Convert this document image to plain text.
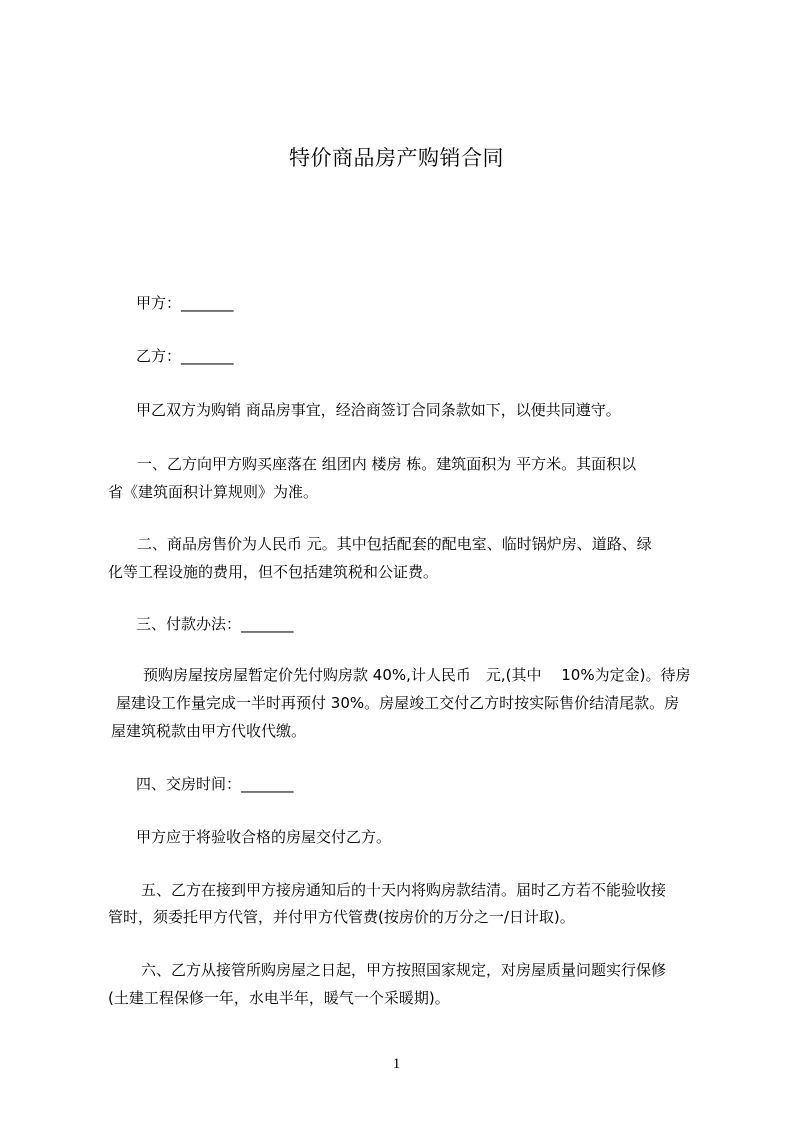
特价商品房产购销合同
甲方：_______
乙方：_______
甲乙双方为购销 商品房事宜，经洽商签订合同条款如下，以便共同遵守。
一、乙方向甲方购买座落在 组团内 楼房 栋。建筑面积为 平方米。其面积以
省《建筑面积计算规则》为准。
二、商品房售价为人民币 元。其中包括配套的配电室、临时锅炉房、道路、绿
化等工程设施的费用，但不包括建筑税和公证费。
三、付款办法：_______
预购房屋按房屋暂定价先付购房款 40%,计人民币　元,(其中　 10%为定金)。待房
屋建设工作量完成一半时再预付 30%。房屋竣工交付乙方时按实际售价结清尾款。房
屋建筑税款由甲方代收代缴。
四、交房时间：_______
甲方应于将验收合格的房屋交付乙方。
五、乙方在接到甲方接房通知后的十天内将购房款结清。届时乙方若不能验收接
管时，须委托甲方代管，并付甲方代管费(按房价的万分之一/日计取)。
六、乙方从接管所购房屋之日起，甲方按照国家规定，对房屋质量问题实行保修
(土建工程保修一年，水电半年，暖气一个采暖期)。
1
